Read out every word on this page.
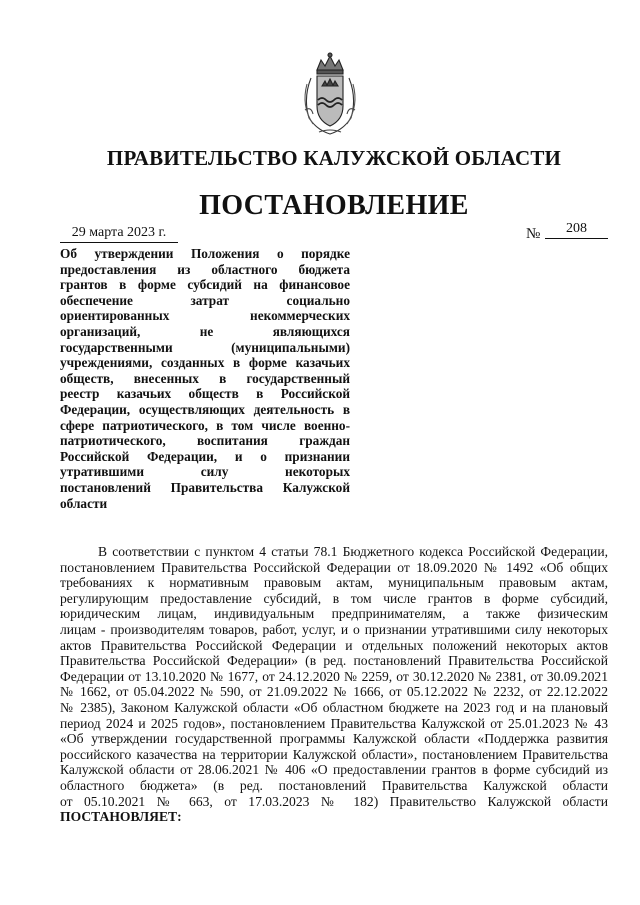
ПРАВИТЕЛЬСТВО КАЛУЖСКОЙ ОБЛАСТИ
ПОСТАНОВЛЕНИЕ
29 марта 2023 г.	№	208
Об утверждении Положения о порядке
предоставления из областного бюджета
грантов в форме субсидий на финансовое
обеспечение затрат социально
ориентированных некоммерческих
организаций, не являющихся
государственными (муниципальными)
учреждениями, созданных в форме казачьих
обществ, внесенных в государственный
реестр казачьих обществ в Российской
Федерации, осуществляющих деятельность в
сфере патриотического, в том числе военно-
патриотического, воспитания граждан
Российской Федерации, и о признании
утратившими силу некоторых
постановлений Правительства Калужской
области
В соответствии с пунктом 4 статьи 78.1 Бюджетного кодекса Российской Федерации,
постановлением Правительства Российской Федерации от 18.09.2020 № 1492 «Об общих
требованиях к нормативным правовым актам, муниципальным правовым актам,
регулирующим предоставление субсидий, в том числе грантов в форме субсидий,
юридическим лицам, индивидуальным предпринимателям, а также физическим
лицам - производителям товаров, работ, услуг, и о признании утратившими силу некоторых
актов Правительства Российской Федерации и отдельных положений некоторых актов
Правительства Российской Федерации» (в ред. постановлений Правительства Российской
Федерации от 13.10.2020 № 1677, от 24.12.2020 № 2259, от 30.12.2020 № 2381, от 30.09.2021
№ 1662, от 05.04.2022 № 590, от 21.09.2022 № 1666, от 05.12.2022 № 2232, от 22.12.2022
№ 2385), Законом Калужской области «Об областном бюджете на 2023 год и на плановый
период 2024 и 2025 годов», постановлением Правительства Калужской от 25.01.2023 № 43
«Об утверждении государственной программы Калужской области «Поддержка развития
российского казачества на территории Калужской области», постановлением Правительства
Калужской области от 28.06.2021 № 406 «О предоставлении грантов в форме субсидий из
областного бюджета» (в ред. постановлений Правительства Калужской области
от 05.10.2021 № 663, от 17.03.2023 № 182) Правительство Калужской области
ПОСТАНОВЛЯЕТ:
